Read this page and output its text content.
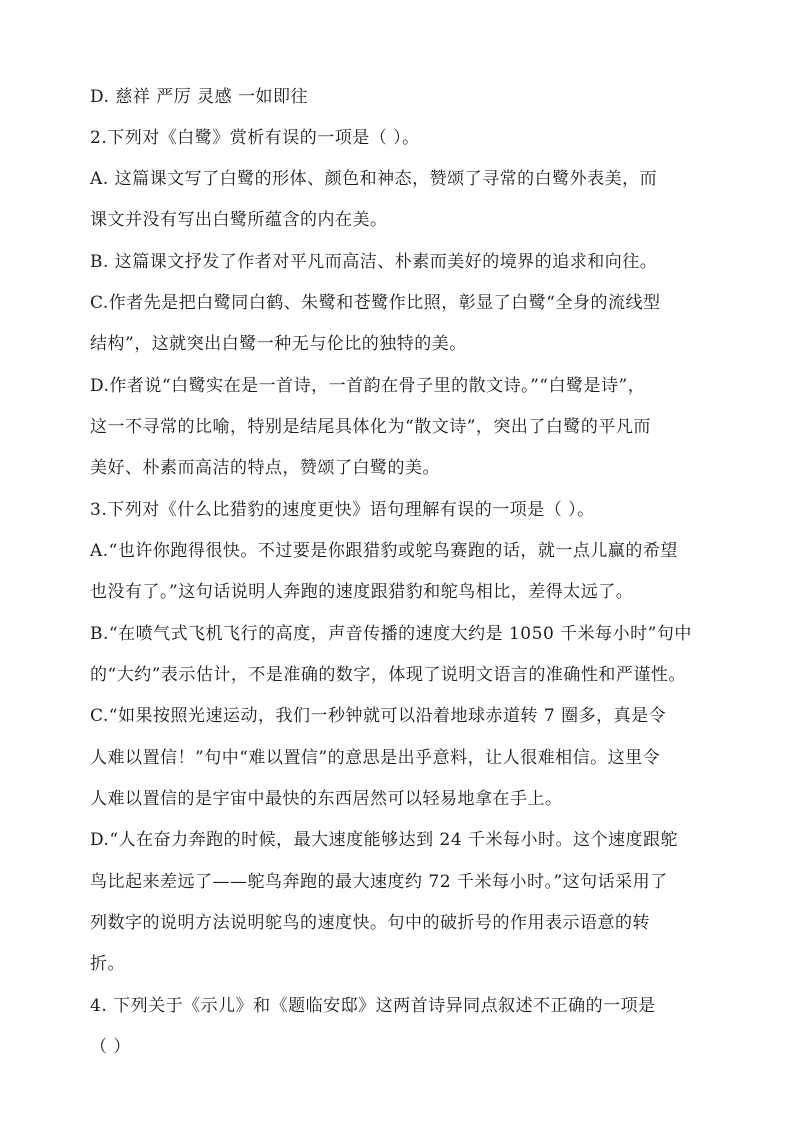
D. 慈祥 严厉 灵感 一如即往
2.下列对《白鹭》赏析有误的一项是（ ）。
A. 这篇课文写了白鹭的形体、颜色和神态，赞颂了寻常的白鹭外表美，而
课文并没有写出白鹭所蕴含的内在美。
B. 这篇课文抒发了作者对平凡而高洁、朴素而美好的境界的追求和向往。
C.作者先是把白鹭同白鹤、朱鹭和苍鹭作比照，彰显了白鹭“全身的流线型
结构”，这就突出白鹭一种无与伦比的独特的美。
D.作者说“白鹭实在是一首诗，一首韵在骨子里的散文诗。”“白鹭是诗”，
这一不寻常的比喻，特别是结尾具体化为“散文诗”，突出了白鹭的平凡而
美好、朴素而高洁的特点，赞颂了白鹭的美。
3.下列对《什么比猎豹的速度更快》语句理解有误的一项是（ ）。
A.“也许你跑得很快。不过要是你跟猎豹或鸵鸟赛跑的话，就一点儿赢的希望
也没有了。”这句话说明人奔跑的速度跟猎豹和鸵鸟相比，差得太远了。
B.“在喷气式飞机飞行的高度，声音传播的速度大约是 1050 千米每小时”句中
的“大约”表示估计，不是准确的数字，体现了说明文语言的准确性和严谨性。
C.“如果按照光速运动，我们一秒钟就可以沿着地球赤道转 7 圈多，真是令
人难以置信！”句中“难以置信”的意思是出乎意料，让人很难相信。这里令
人难以置信的是宇宙中最快的东西居然可以轻易地拿在手上。
D.“人在奋力奔跑的时候，最大速度能够达到 24 千米每小时。这个速度跟鸵
鸟比起来差远了——鸵鸟奔跑的最大速度约 72 千米每小时。”这句话采用了
列数字的说明方法说明鸵鸟的速度快。句中的破折号的作用表示语意的转
折。
4. 下列关于《示儿》和《题临安邸》这两首诗异同点叙述不正确的一项是
（ ）
